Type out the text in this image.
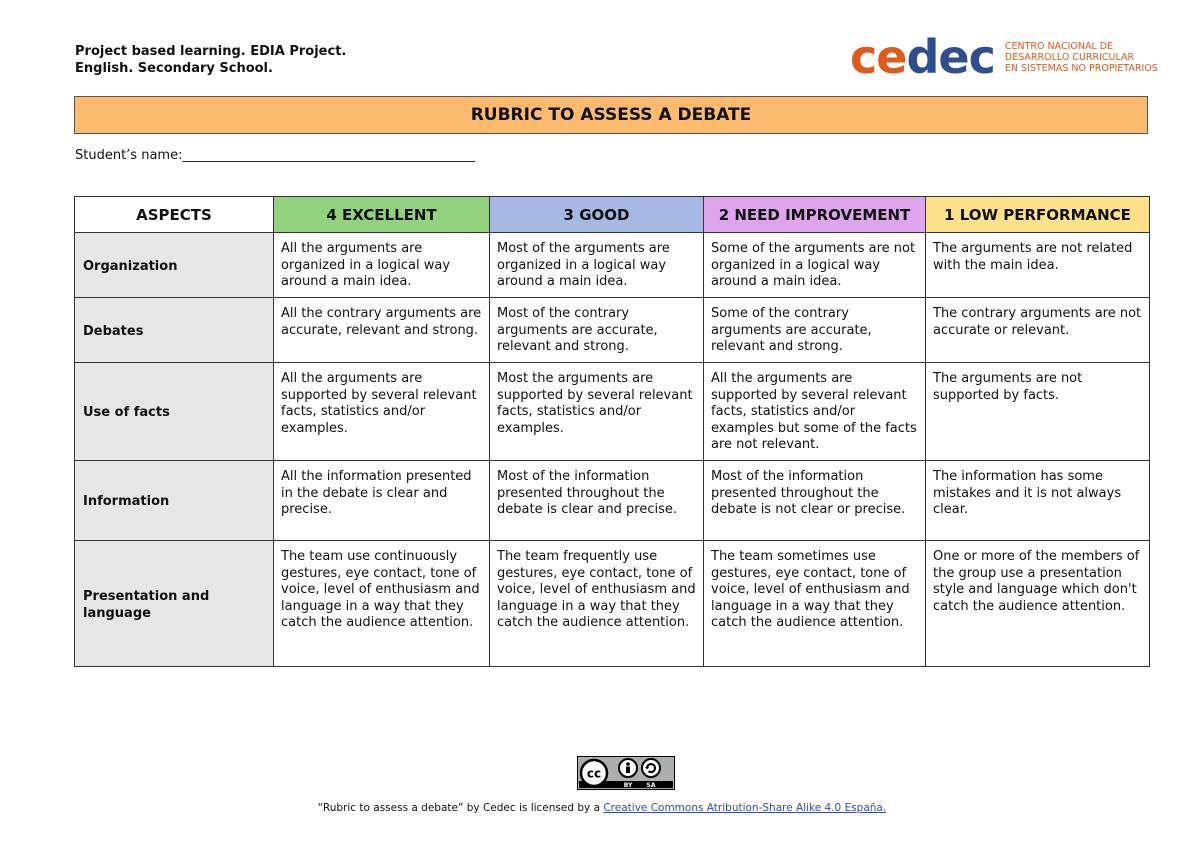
Project based learning. EDIA Project.
English. Secondary School.	cedec CENTRO NACIONAL DE
DESARROLLO CURRICULAR
EN SISTEMAS NO PROPIETARIOS
RUBRIC TO ASSESS A DEBATE
Student’s name:_____________________________________________
ASPECTS	4 EXCELLENT	3 GOOD	2 NEED IMPROVEMENT	1 LOW PERFORMANCE
Organization	All the arguments are organized in a logical way around a main idea.	Most of the arguments are organized in a logical way around a main idea.	Some of the arguments are not organized in a logical way around a main idea.	The arguments are not related with the main idea.
Debates	All the contrary arguments are accurate, relevant and strong.	Most of the contrary arguments are accurate, relevant and strong.	Some of the contrary arguments are accurate, relevant and strong.	The contrary arguments are not accurate or relevant.
Use of facts	All the arguments are supported by several relevant facts, statistics and/or examples.	Most the arguments are supported by several relevant facts, statistics and/or examples.	All the arguments are supported by several relevant facts, statistics and/or examples but some of the facts are not relevant.	The arguments are not supported by facts.
Information	All the information presented in the debate is clear and precise.	Most of the information presented throughout the debate is clear and precise.	Most of the information presented throughout the debate is not clear or precise.	The information has some mistakes and it is not always clear.
Presentation and language	The team use continuously gestures, eye contact, tone of voice, level of enthusiasm and language in a way that they catch the audience attention.	The team frequently use gestures, eye contact, tone of voice, level of enthusiasm and language in a way that they catch the audience attention.	The team sometimes use gestures, eye contact, tone of voice, level of enthusiasm and language in a way that they catch the audience attention.	One or more of the members of the group use a presentation style and language which don't catch the audience attention.
cc
BY SA
“Rubric to assess a debate” by Cedec is licensed by a Creative Commons Atribution-Share Alike 4.0 España.
